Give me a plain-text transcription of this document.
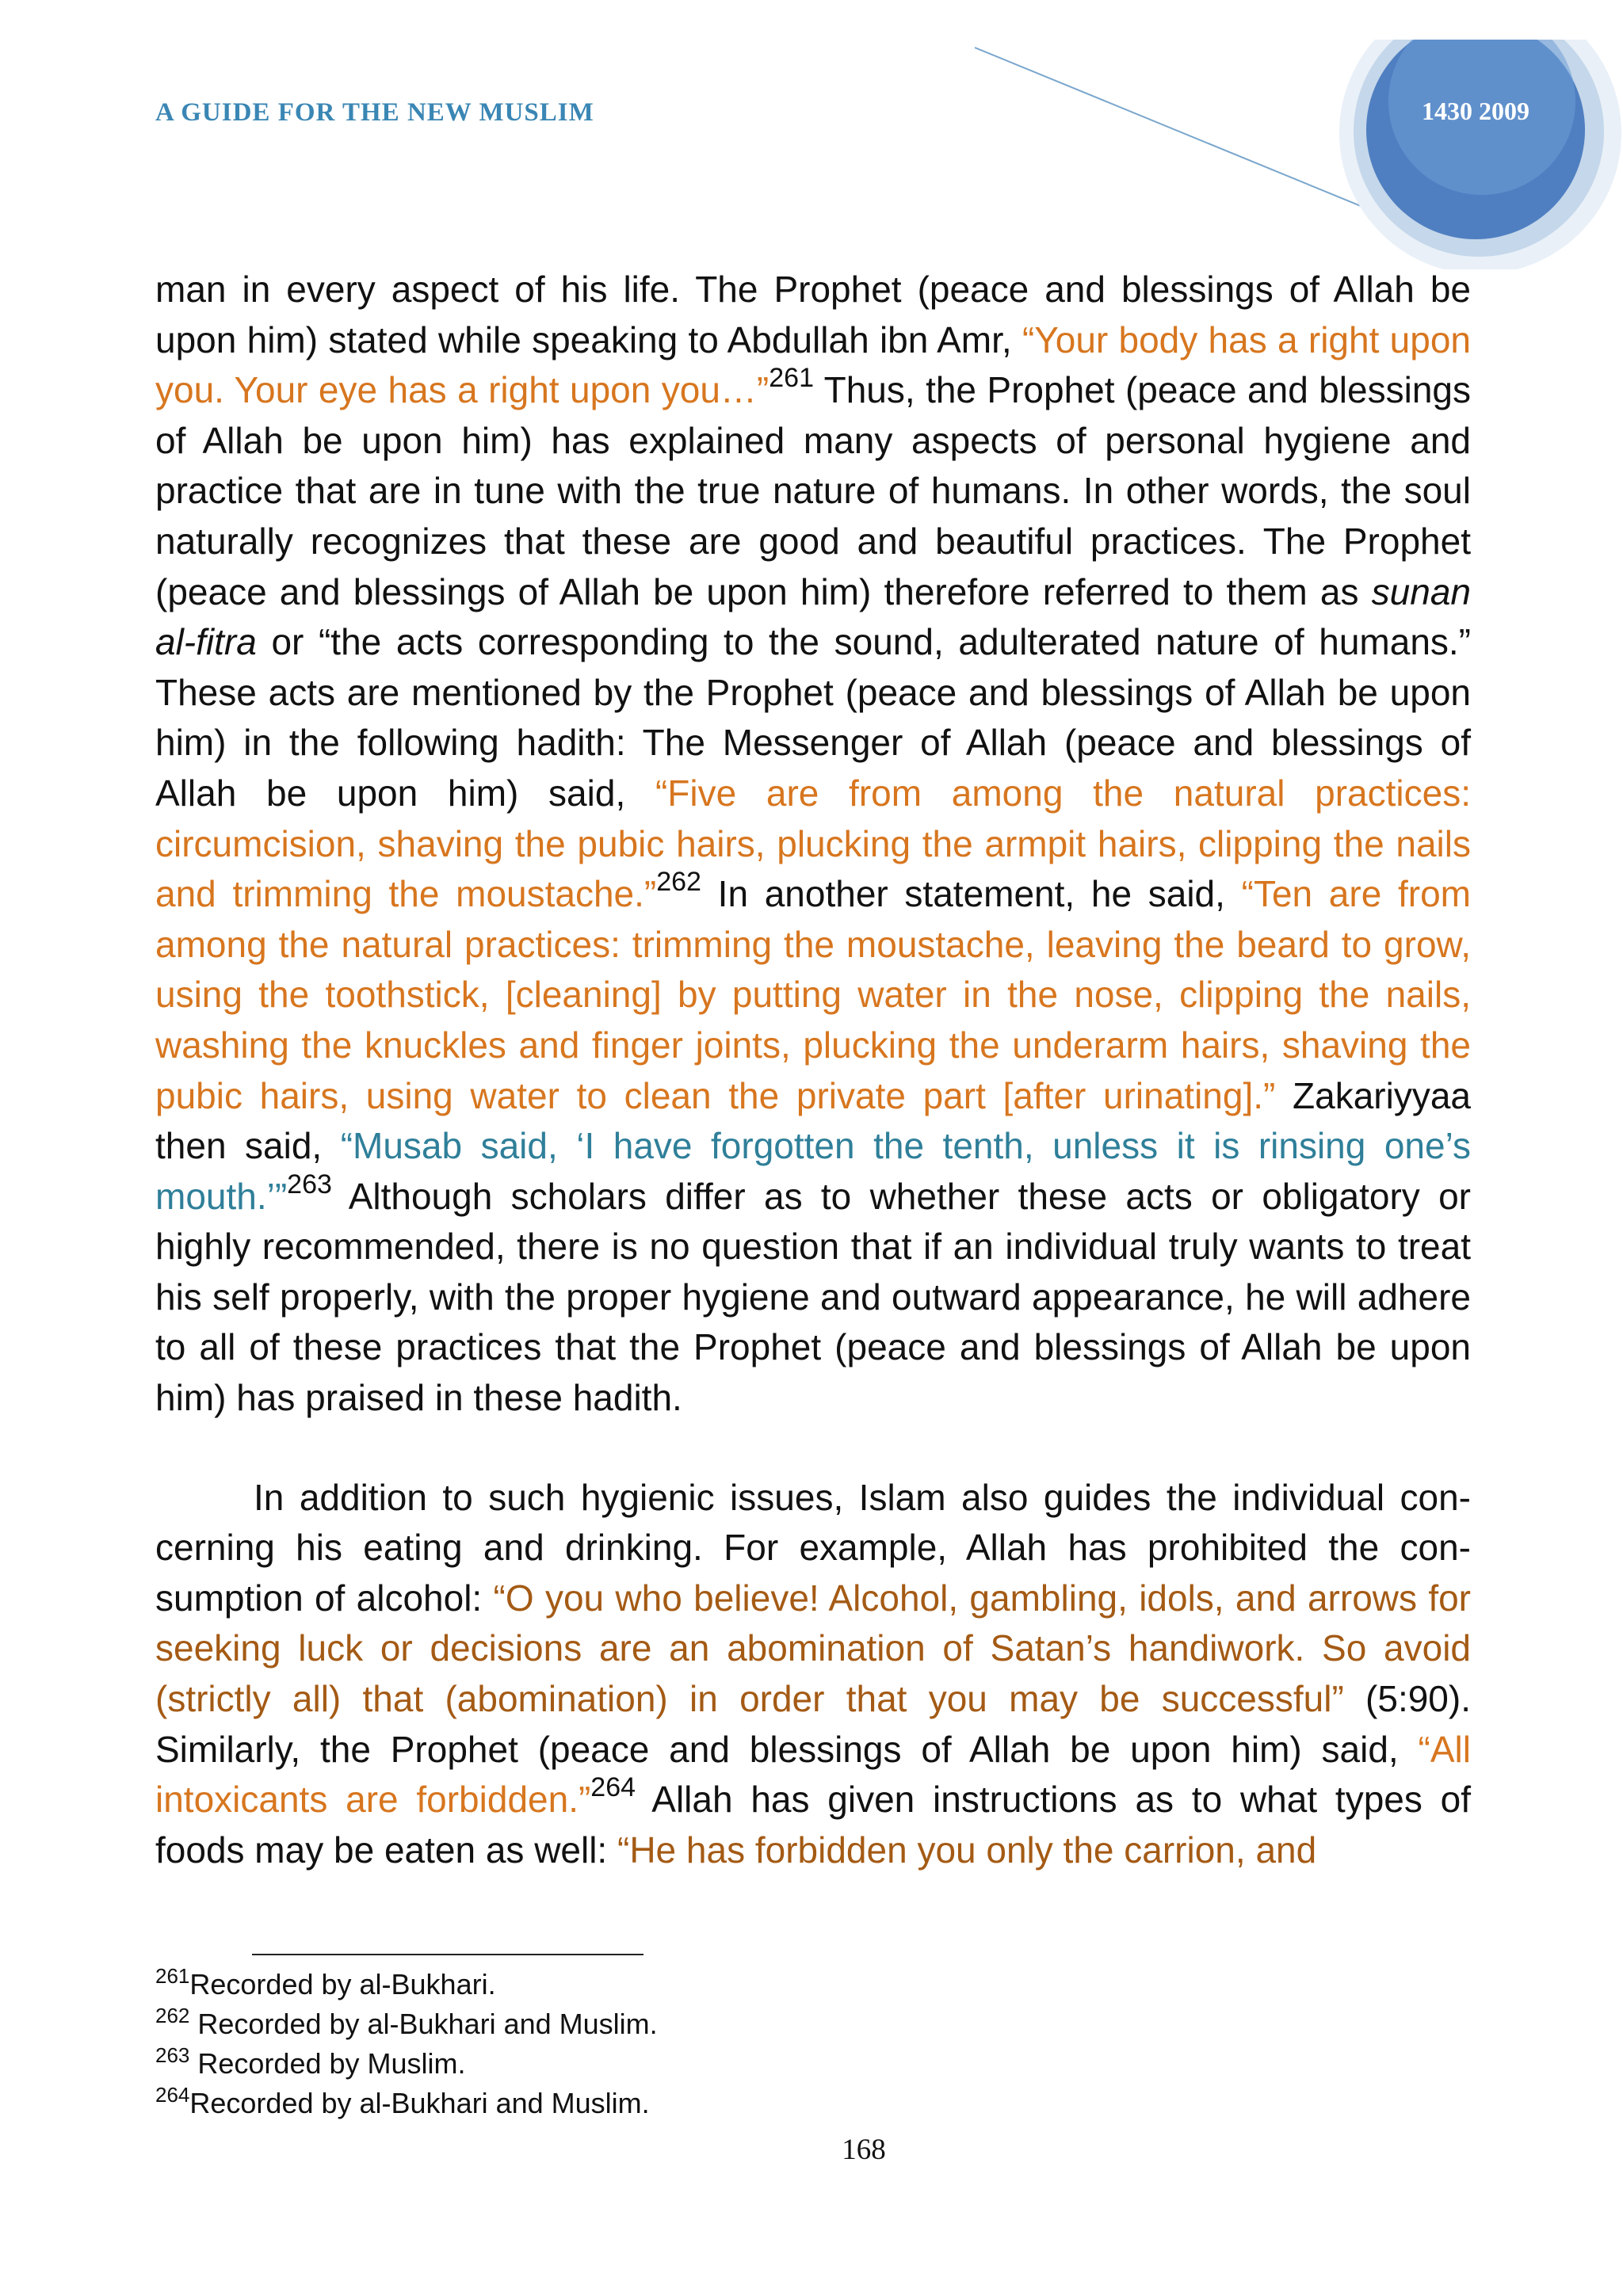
A GUIDE FOR THE NEW MUSLIM	1430 2009

man in every aspect of his life. The Prophet (peace and blessings of Allah be upon him) stated while speaking to Abdullah ibn Amr, “Your body has a right upon you. Your eye has a right upon you…”$^{261}$ Thus, the Prophet (peace and blessings of Allah be upon him) has explained many aspects of personal hygiene and practice that are in tune with the true nature of humans. In other words, the soul naturally recognizes that these are good and beautiful practices. The Prophet (peace and blessings of Allah be upon him) therefore referred to them as sunan al-fitra or “the acts corresponding to the sound, adulterated nature of humans.” These acts are mentioned by the Prophet (peace and blessings of Allah be upon him) in the following hadith: The Messenger of Allah (peace and blessings of Allah be upon him) said, “Five are from among the natural practices: circumcision, shaving the pubic hairs, plucking the armpit hairs, clipping the nails and trimming the moustache.”$^{262}$ In another statement, he said, “Ten are from among the natural practices: trimming the moustache, leaving the beard to grow, using the toothstick, [cleaning] by putting water in the nose, clipping the nails, washing the knuckles and finger joints, plucking the underarm hairs, shaving the pubic hairs, using water to clean the private part [after urinating].” Zakariyyaa then said, “Musab said, ‘I have forgotten the tenth, unless it is rinsing one’s mouth.’”$^{263}$ Although scholars differ as to whether these acts or obligatory or highly recommended, there is no question that if an individual truly wants to treat his self properly, with the proper hygiene and outward appearance, he will adhere to all of these practices that the Prophet (peace and blessings of Allah be upon him) has praised in these hadith.

In addition to such hygienic issues, Islam also guides the individual concerning his eating and drinking. For example, Allah has prohibited the consumption of alcohol: “O you who believe! Alcohol, gambling, idols, and arrows for seeking luck or decisions are an abomination of Satan’s handiwork. So avoid (strictly all) that (abomination) in order that you may be successful” (5:90). Similarly, the Prophet (peace and blessings of Allah be upon him) said, “All intoxicants are forbidden.”$^{264}$ Allah has given instructions as to what types of foods may be eaten as well: “He has forbidden you only the carrion, and

$^{261}$Recorded by al-Bukhari.
$^{262}$ Recorded by al-Bukhari and Muslim.
$^{263}$ Recorded by Muslim.
$^{264}$Recorded by al-Bukhari and Muslim.
168
